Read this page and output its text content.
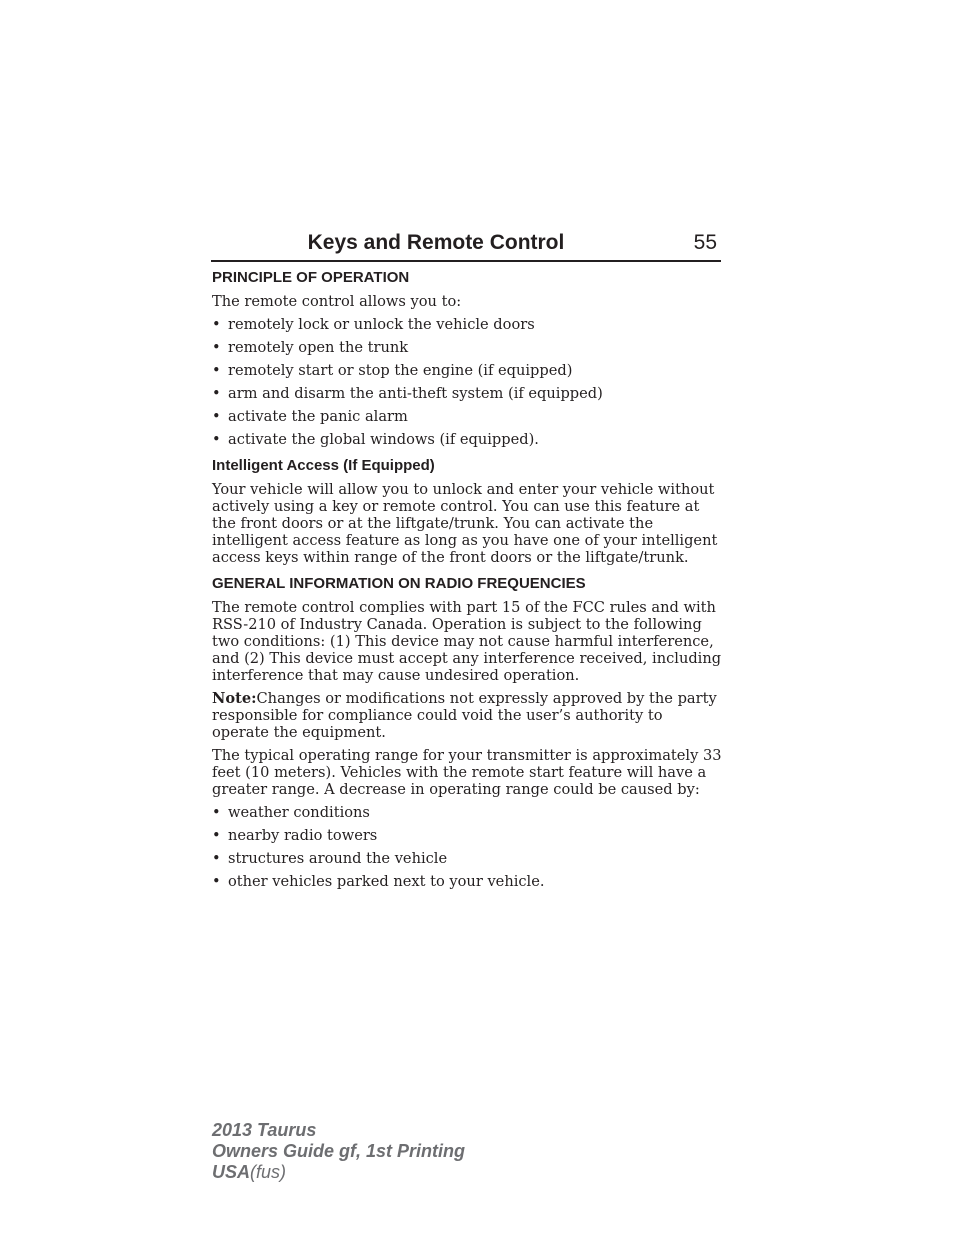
Keys and Remote Control	55
PRINCIPLE OF OPERATION

The remote control allows you to:

• remotely lock or unlock the vehicle doors
• remotely open the trunk
• remotely start or stop the engine (if equipped)
• arm and disarm the anti-theft system (if equipped)
• activate the panic alarm
• activate the global windows (if equipped).
Intelligent Access (If Equipped)

Your vehicle will allow you to unlock and enter your vehicle without actively using a key or remote control. You can use this feature at the front doors or at the liftgate/trunk. You can activate the intelligent access feature as long as you have one of your intelligent access keys within range of the front doors or the liftgate/trunk.

GENERAL INFORMATION ON RADIO FREQUENCIES

The remote control complies with part 15 of the FCC rules and with RSS-210 of Industry Canada. Operation is subject to the following two conditions: (1) This device may not cause harmful interference, and (2) This device must accept any interference received, including interference that may cause undesired operation.

Note:Changes or modifications not expressly approved by the party responsible for compliance could void the user’s authority to operate the equipment.

The typical operating range for your transmitter is approximately 33 feet (10 meters). Vehicles with the remote start feature will have a greater range. A decrease in operating range could be caused by:

• weather conditions
• nearby radio towers
• structures around the vehicle
• other vehicles parked next to your vehicle.
2013 Taurus
Owners Guide gf, 1st Printing
USA(fus)
